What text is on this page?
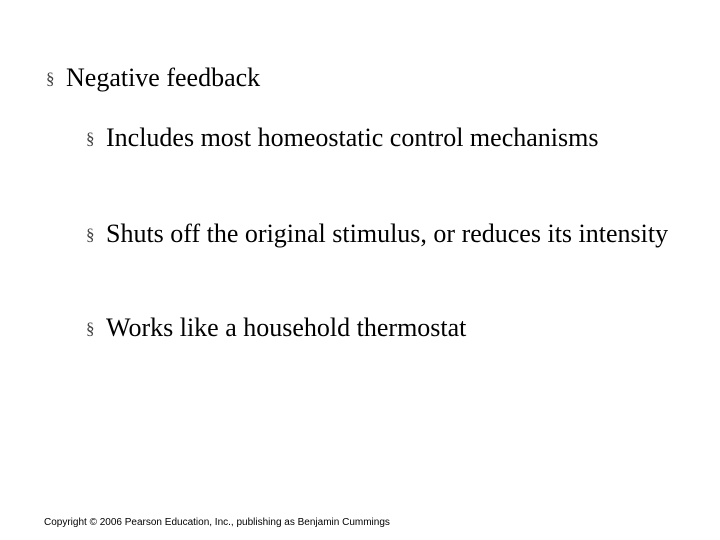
§ Negative feedback
§ Includes most homeostatic control mechanisms
§ Shuts off the original stimulus, or reduces its intensity
§ Works like a household thermostat
Copyright © 2006 Pearson Education, Inc., publishing as Benjamin Cummings
